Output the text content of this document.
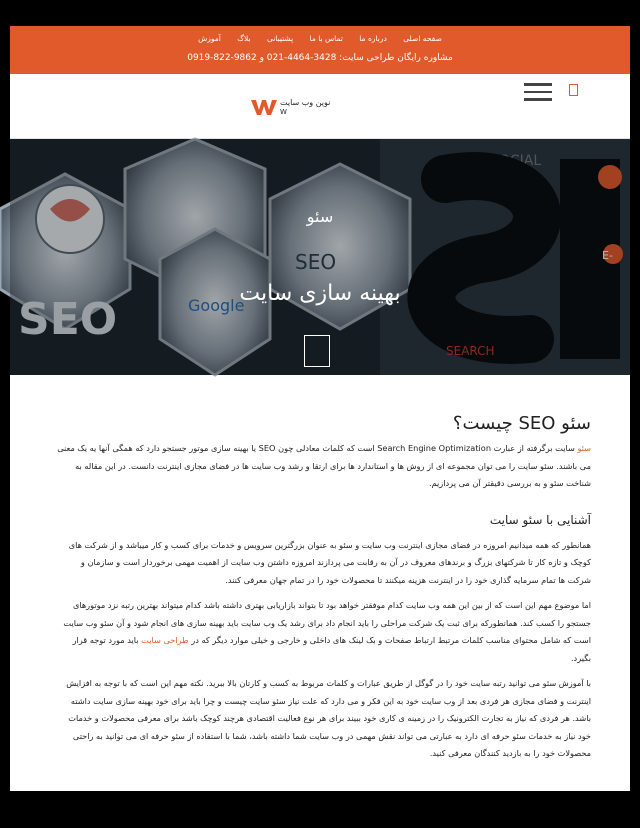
صفحه اصلی درباره ما تماس با ما پشتیبانی بلاگ آموزش
مشاوره رایگان طراحی سایت: 3428-4464-021 و 9862-822-0919
نوین وب سایت
W
SEO
SEO
Google
SOCIAL
E-
SEARCH
سئو
بهینه سازی سایت
سئو SEO چیست؟

سئو سایت برگرفته از عبارت Search Engine Optimization است که کلمات معادلی چون SEO یا بهینه سازی موتور جستجو دارد که همگی آنها یه یک معنی می باشند. سئو سایت را می توان مجموعه ای از روش ها و استاندارد ها برای ارتقا و رشد وب سایت ها در فضای مجازی اینترنت دانست. در این مقاله به شناخت سئو و به بررسی دقیقتر آن می پردازیم.

آشنایی با سئو سایت

همانطور که همه میدانیم امروزه در فضای مجازی اینترنت وب سایت و سئو به عنوان بزرگترین سرویس و خدمات برای کسب و کار میباشد و از شرکت های کوچک و تازه کار تا شرکتهای بزرگ و برندهای معروف در آن به رقابت می پردازند امروزه داشتن وب سایت از اهمیت مهمی برخوردار است و سازمان و شرکت ها تمام سرمایه گذاری خود را در اینترنت هزینه میکنند تا محصولات خود را در تمام جهان معرفی کنند.

اما موضوع مهم این است که از بین این همه وب سایت کدام موفقتر خواهد بود تا بتواند بازاریابی بهتری داشته باشد کدام میتواند بهترین رتبه نزد موتورهای جستجو را کسب کند. همانطورکه برای ثبت یک شرکت مراحلی را باید انجام داد برای رشد یک وب سایت باید بهینه سازی های انجام شود و آن سئو وب سایت است که شامل محتوای مناسب کلمات مرتبط ارتباط صفحات و بک لینک های داخلی و خارجی و خیلی موارد دیگر که در طراحی سایت باید مورد توجه قرار بگیرد.

با آموزش سئو می توانید رتبه سایت خود را در گوگل از طریق عبارات و کلمات مربوط به کسب و کارتان بالا ببرید. نکته مهم این است که با توجه به افزایش اینترنت و فضای مجازی هر فردی بعد از وب سایت خود به این فکر و می دارد که علت نیاز سئو سایت چیست و چرا باید برای خود بهینه سازی سایت داشته باشد. هر فردی که نیاز به تجارت الکترونیک را در زمینه ی کاری خود ببیند برای هر نوع فعالیت اقتصادی هرچند کوچک باشد برای معرفی محصولات و خدمات خود نیاز به خدمات سئو حرفه ای دارد به عبارتی می تواند نقش مهمی در وب سایت شما داشته باشد، شما با استفاده از سئو حرفه ای می توانید به راحتی محصولات خود را به بازدید کنندگان معرفی کنید.
